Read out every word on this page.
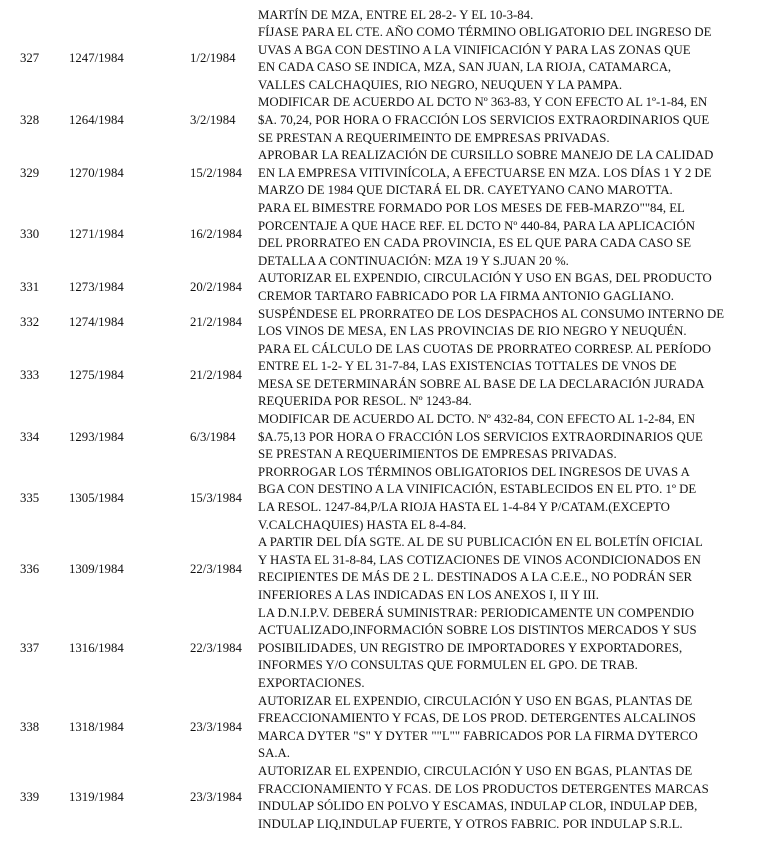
MARTÍN DE MZA, ENTRE EL 28-2- Y EL 10-3-84.
327 1247/1984	1/2/1984
FÍJASE PARA EL CTE. AÑO COMO TÉRMINO OBLIGATORIO DEL INGRESO DE
UVAS A BGA CON DESTINO A LA VINIFICACIÓN Y PARA LAS ZONAS QUE
EN CADA CASO SE INDICA, MZA, SAN JUAN, LA RIOJA, CATAMARCA,
VALLES CALCHAQUIES, RIO NEGRO, NEUQUEN Y LA PAMPA.
328 1264/1984	3/2/1984
MODIFICAR DE ACUERDO AL DCTO Nº 363-83, Y CON EFECTO AL 1º-1-84, EN
$A. 70,24, POR HORA O FRACCIÓN LOS SERVICIOS EXTRAORDINARIOS QUE
SE PRESTAN A REQUERIMEINTO DE EMPRESAS PRIVADAS.
329 1270/1984	15/2/1984
APROBAR LA REALIZACIÓN DE CURSILLO SOBRE MANEJO DE LA CALIDAD
EN LA EMPRESA VITIVINÍCOLA, A EFECTUARSE EN MZA. LOS DÍAS 1 Y 2 DE
MARZO DE 1984 QUE DICTARÁ EL DR. CAYETYANO CANO MAROTTA.
330 1271/1984	16/2/1984
PARA EL BIMESTRE FORMADO POR LOS MESES DE FEB-MARZO""84, EL
PORCENTAJE A QUE HACE REF. EL DCTO Nº 440-84, PARA LA APLICACIÓN
DEL PRORRATEO EN CADA PROVINCIA, ES EL QUE PARA CADA CASO SE
DETALLA A CONTINUACIÓN: MZA 19 Y S.JUAN 20 %.
331 1273/1984	20/2/1984
AUTORIZAR EL EXPENDIO, CIRCULACIÓN Y USO EN BGAS, DEL PRODUCTO
CREMOR TARTARO FABRICADO POR LA FIRMA ANTONIO GAGLIANO.
332 1274/1984	21/2/1984
SUSPÉNDESE EL PRORRATEO DE LOS DESPACHOS AL CONSUMO INTERNO DE
LOS VINOS DE MESA, EN LAS PROVINCIAS DE RIO NEGRO Y NEUQUÉN.
333 1275/1984	21/2/1984
PARA EL CÁLCULO DE LAS CUOTAS DE PRORRATEO CORRESP. AL PERÍODO
ENTRE EL 1-2- Y EL 31-7-84, LAS EXISTENCIAS TOTTALES DE VNOS DE
MESA SE DETERMINARÁN SOBRE AL BASE DE LA DECLARACIÓN JURADA
REQUERIDA POR RESOL. Nº 1243-84.
334 1293/1984	6/3/1984
MODIFICAR DE ACUERDO AL DCTO. Nº 432-84, CON EFECTO AL 1-2-84, EN
$A.75,13 POR HORA O FRACCIÓN LOS SERVICIOS EXTRAORDINARIOS QUE
SE PRESTAN A REQUERIMIENTOS DE EMPRESAS PRIVADAS.
335 1305/1984	15/3/1984
PRORROGAR LOS TÉRMINOS OBLIGATORIOS DEL INGRESOS DE UVAS A
BGA CON DESTINO A LA VINIFICACIÓN, ESTABLECIDOS EN EL PTO. 1º DE
LA RESOL. 1247-84,P/LA RIOJA HASTA EL 1-4-84 Y P/CATAM.(EXCEPTO
V.CALCHAQUIES) HASTA EL 8-4-84.
336 1309/1984	22/3/1984
A PARTIR DEL DÍA SGTE. AL DE SU PUBLICACIÓN EN EL BOLETÍN OFICIAL
Y HASTA EL 31-8-84, LAS COTIZACIONES DE VINOS ACONDICIONADOS EN
RECIPIENTES DE MÁS DE 2 L. DESTINADOS A LA C.E.E., NO PODRÁN SER
INFERIORES A LAS INDICADAS EN LOS ANEXOS I, II Y III.
337 1316/1984	22/3/1984
LA D.N.I.P.V. DEBERÁ SUMINISTRAR: PERIODICAMENTE UN COMPENDIO
ACTUALIZADO,INFORMACIÓN SOBRE LOS DISTINTOS MERCADOS Y SUS
POSIBILIDADES, UN REGISTRO DE IMPORTADORES Y EXPORTADORES,
INFORMES Y/O CONSULTAS QUE FORMULEN EL GPO. DE TRAB.
EXPORTACIONES.
338 1318/1984	23/3/1984
AUTORIZAR EL EXPENDIO, CIRCULACIÓN Y USO EN BGAS, PLANTAS DE
FREACCIONAMIENTO Y FCAS, DE LOS PROD. DETERGENTES ALCALINOS
MARCA DYTER "S" Y DYTER ""L"" FABRICADOS POR LA FIRMA DYTERCO
SA.A.
339 1319/1984	23/3/1984
AUTORIZAR EL EXPENDIO, CIRCULACIÓN Y USO EN BGAS, PLANTAS DE
FRACCIONAMIENTO Y FCAS. DE LOS PRODUCTOS DETERGENTES MARCAS
INDULAP SÓLIDO EN POLVO Y ESCAMAS, INDULAP CLOR, INDULAP DEB,
INDULAP LIQ,INDULAP FUERTE, Y OTROS FABRIC. POR INDULAP S.R.L.
